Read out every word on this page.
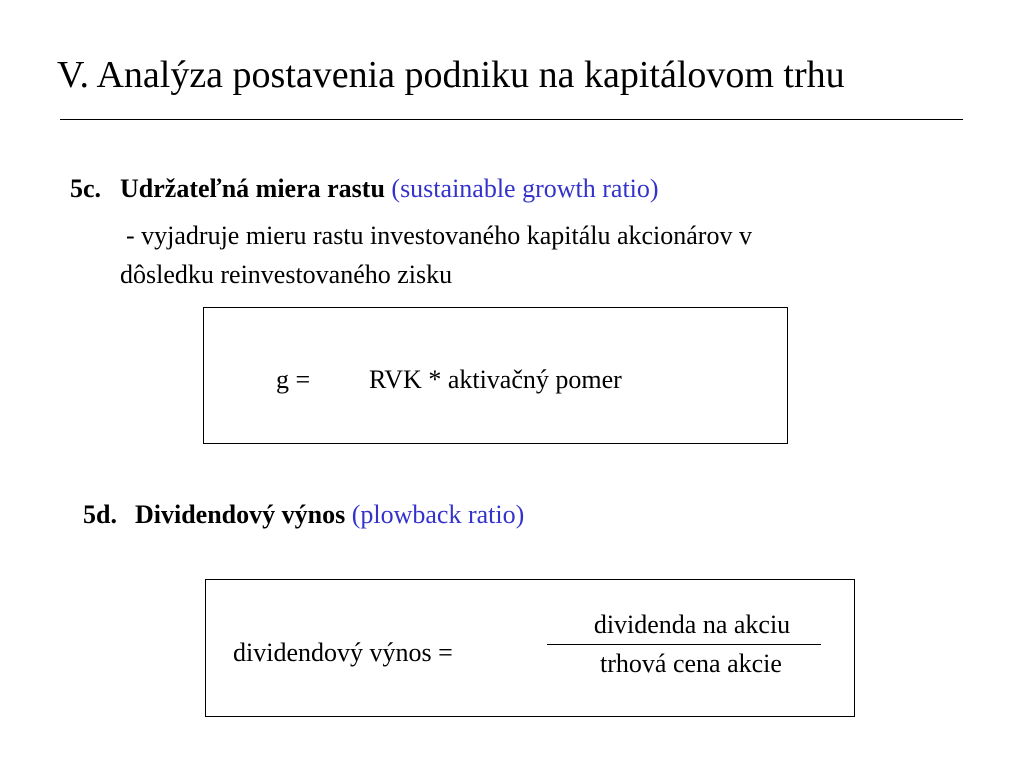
V. Analýza postavenia podniku na kapitálovom trhu
5c. Udržateľná miera rastu (sustainable growth ratio)
- vyjadruje mieru rastu investovaného kapitálu akcionárov v
dôsledku reinvestovaného zisku
g = RVK * aktivačný pomer
5d. Dividendový výnos (plowback ratio)
dividendový výnos =
dividenda na akciu
trhová cena akcie
